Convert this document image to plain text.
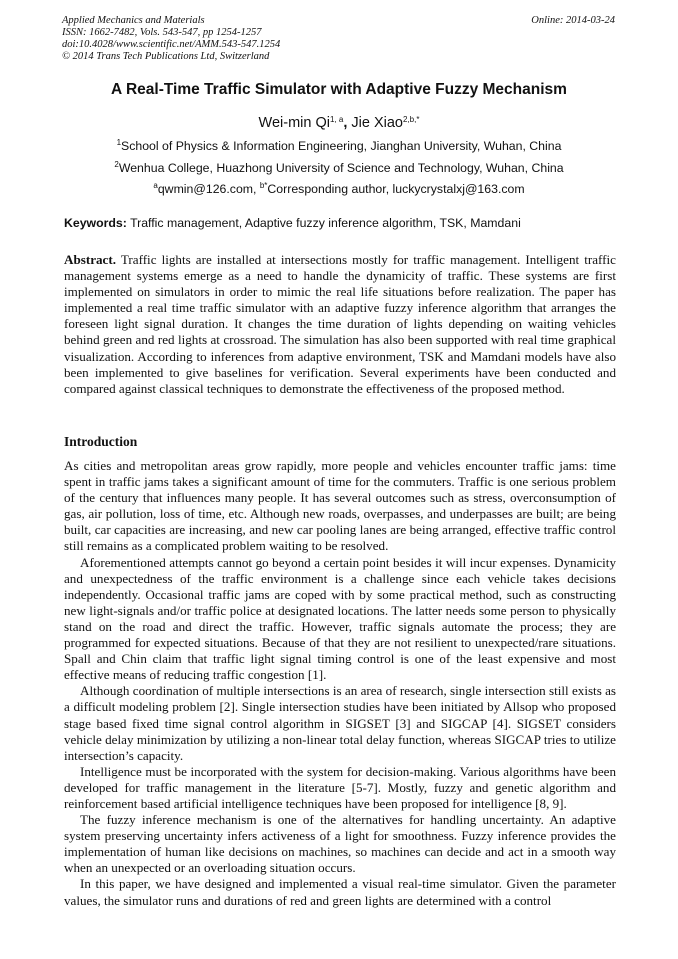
Applied Mechanics and Materials
ISSN: 1662-7482, Vols. 543-547, pp 1254-1257
doi:10.4028/www.scientific.net/AMM.543-547.1254
© 2014 Trans Tech Publications Ltd, Switzerland
Online: 2014-03-24
A Real-Time Traffic Simulator with Adaptive Fuzzy Mechanism
Wei-min Qi$^{1, a}$, Jie Xiao$^{2,b,*}$
$^1$School of Physics & Information Engineering, Jianghan University, Wuhan, China
$^2$Wenhua College, Huazhong University of Science and Technology, Wuhan, China
$^a$qwmin@126.com, $^{b*}$Corresponding author, luckycrystalxj@163.com
Keywords: Traffic management, Adaptive fuzzy inference algorithm, TSK, Mamdani
Abstract. Traffic lights are installed at intersections mostly for traffic management. Intelligent traffic management systems emerge as a need to handle the dynamicity of traffic. These systems are first implemented on simulators in order to mimic the real life situations before realization. The paper has implemented a real time traffic simulator with an adaptive fuzzy inference algorithm that arranges the foreseen light signal duration. It changes the time duration of lights depending on waiting vehicles behind green and red lights at crossroad. The simulation has also been supported with real time graphical visualization. According to inferences from adaptive environment, TSK and Mamdani models have also been implemented to give baselines for verification. Several experiments have been conducted and compared against classical techniques to demonstrate the effectiveness of the proposed method.
Introduction
As cities and metropolitan areas grow rapidly, more people and vehicles encounter traffic jams: time spent in traffic jams takes a significant amount of time for the commuters. Traffic is one serious problem of the century that influences many people. It has several outcomes such as stress, overconsumption of gas, air pollution, loss of time, etc. Although new roads, overpasses, and underpasses are built; are being built, car capacities are increasing, and new car pooling lanes are being arranged, effective traffic control still remains as a complicated problem waiting to be resolved.
Aforementioned attempts cannot go beyond a certain point besides it will incur expenses. Dynamicity and unexpectedness of the traffic environment is a challenge since each vehicle takes decisions independently. Occasional traffic jams are coped with by some practical method, such as constructing new light-signals and/or traffic police at designated locations. The latter needs some person to physically stand on the road and direct the traffic. However, traffic signals automate the process; they are programmed for expected situations. Because of that they are not resilient to unexpected/rare situations. Spall and Chin claim that traffic light signal timing control is one of the least expensive and most effective means of reducing traffic congestion [1].
Although coordination of multiple intersections is an area of research, single intersection still exists as a difficult modeling problem [2]. Single intersection studies have been initiated by Allsop who proposed stage based fixed time signal control algorithm in SIGSET [3] and SIGCAP [4]. SIGSET considers vehicle delay minimization by utilizing a non-linear total delay function, whereas SIGCAP tries to utilize intersection’s capacity.
Intelligence must be incorporated with the system for decision-making. Various algorithms have been developed for traffic management in the literature [5-7]. Mostly, fuzzy and genetic algorithm and reinforcement based artificial intelligence techniques have been proposed for intelligence [8, 9].
The fuzzy inference mechanism is one of the alternatives for handling uncertainty. An adaptive system preserving uncertainty infers activeness of a light for smoothness. Fuzzy inference provides the implementation of human like decisions on machines, so machines can decide and act in a smooth way when an unexpected or an overloading situation occurs.
In this paper, we have designed and implemented a visual real-time simulator. Given the parameter values, the simulator runs and durations of red and green lights are determined with a control
